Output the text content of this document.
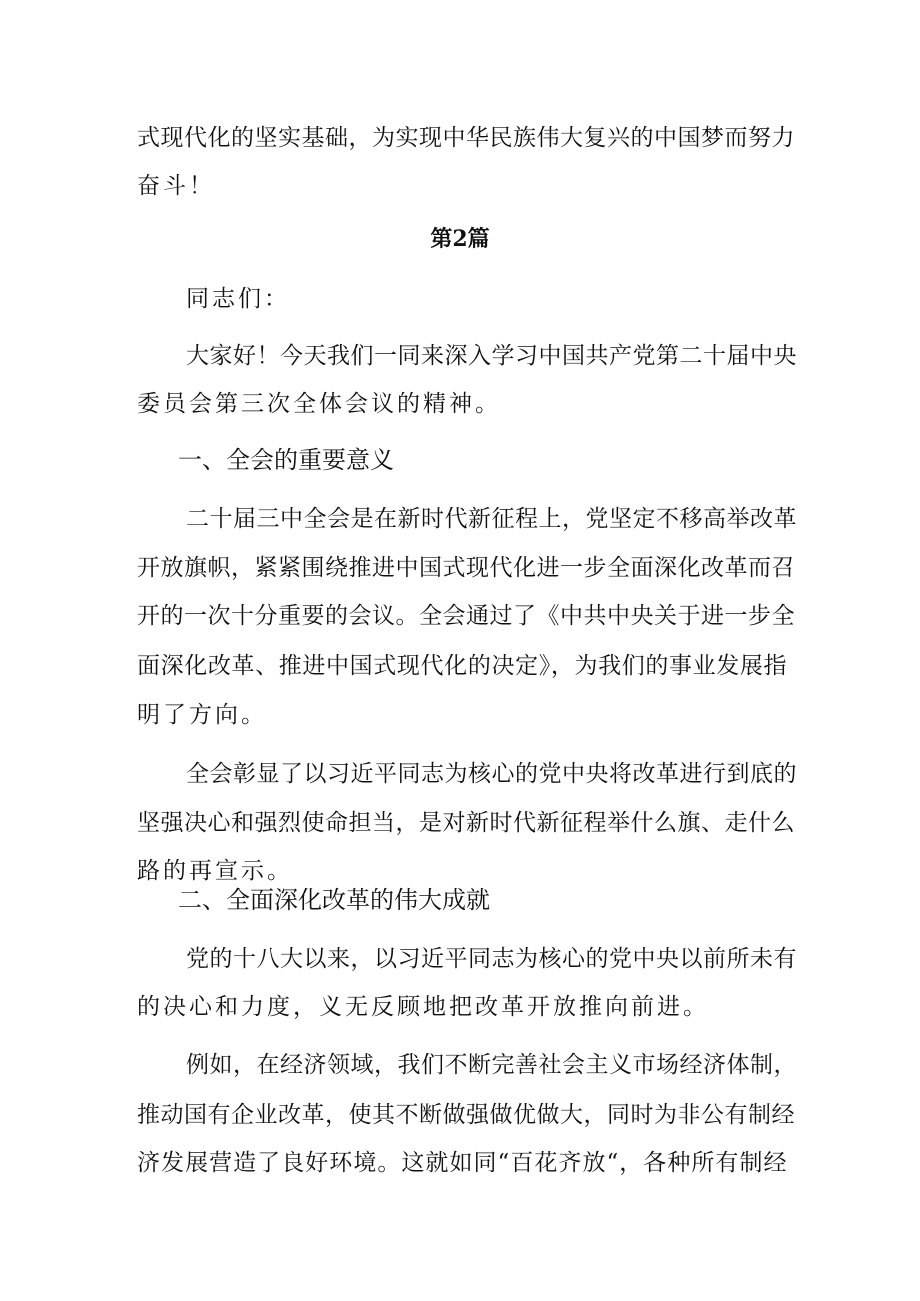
式现代化的坚实基础，为实现中华民族伟大复兴的中国梦而努力
奋斗！
第2篇
同志们：
大家好！今天我们一同来深入学习中国共产党第二十届中央
委员会第三次全体会议的精神。
一、全会的重要意义
二十届三中全会是在新时代新征程上，党坚定不移高举改革
开放旗帜，紧紧围绕推进中国式现代化进一步全面深化改革而召
开的一次十分重要的会议。全会通过了《中共中央关于进一步全
面深化改革、推进中国式现代化的决定》，为我们的事业发展指
明了方向。
全会彰显了以习近平同志为核心的党中央将改革进行到底的
坚强决心和强烈使命担当，是对新时代新征程举什么旗、走什么
路的再宣示。
二、全面深化改革的伟大成就
党的十八大以来，以习近平同志为核心的党中央以前所未有
的决心和力度，义无反顾地把改革开放推向前进。
例如，在经济领域，我们不断完善社会主义市场经济体制，
推动国有企业改革，使其不断做强做优做大，同时为非公有制经
济发展营造了良好环境。这就如同“百花齐放“，各种所有制经
